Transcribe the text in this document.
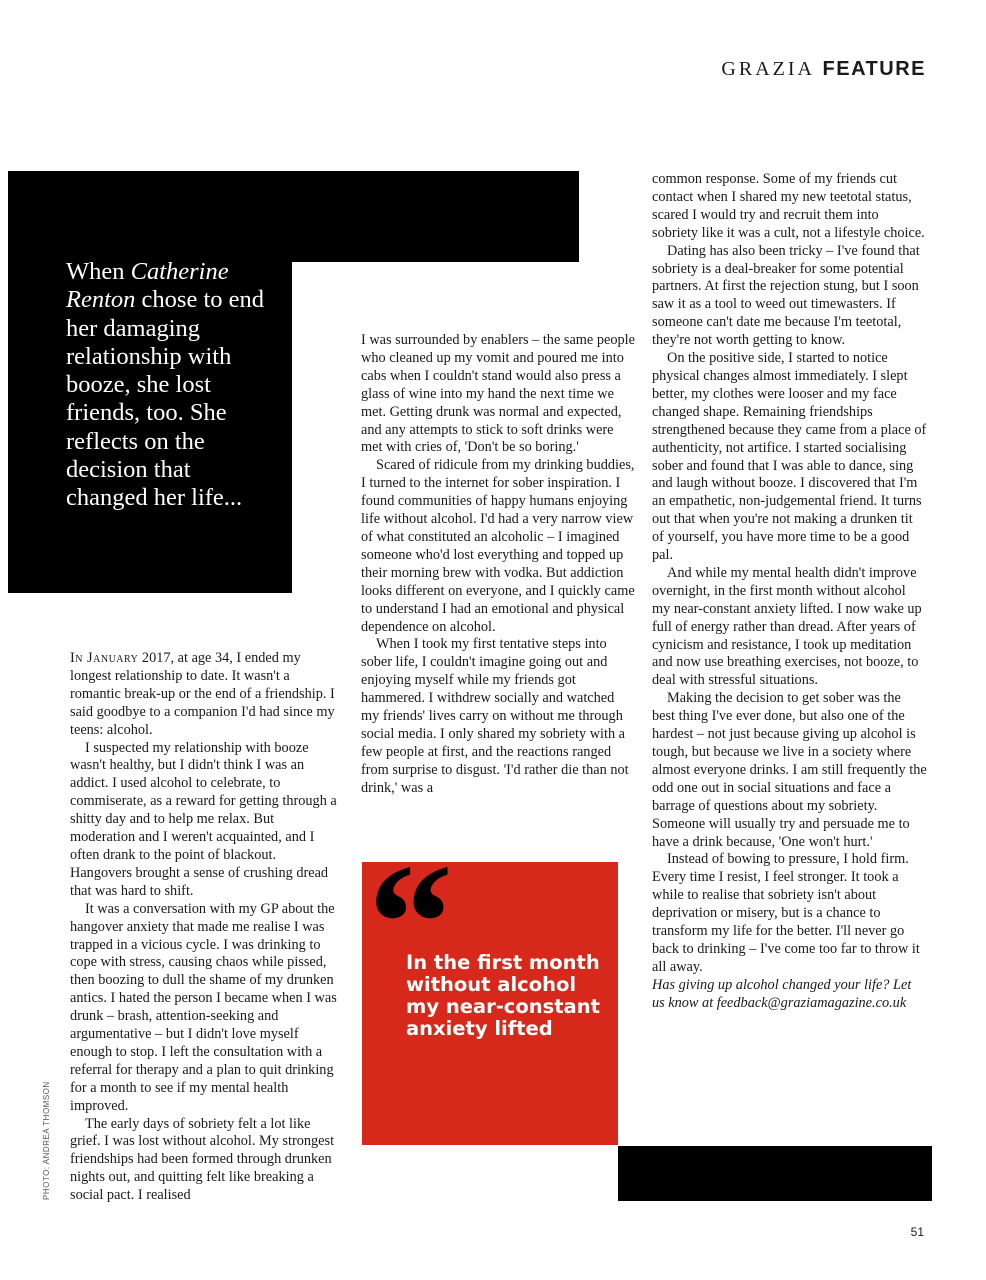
GRAZIA FEATURE

When Catherine Renton chose to end her damaging relationship with booze, she lost friends, too. She reflects on the decision that changed her life...

In January 2017, at age 34, I ended my longest relationship to date. It wasn't a romantic break-up or the end of a friendship. I said goodbye to a companion I'd had since my teens: alcohol.

I suspected my relationship with booze wasn't healthy, but I didn't think I was an addict. I used alcohol to celebrate, to commiserate, as a reward for getting through a shitty day and to help me relax. But moderation and I weren't acquainted, and I often drank to the point of blackout. Hangovers brought a sense of crushing dread that was hard to shift.

It was a conversation with my GP about the hangover anxiety that made me realise I was trapped in a vicious cycle. I was drinking to cope with stress, causing chaos while pissed, then boozing to dull the shame of my drunken antics. I hated the person I became when I was drunk – brash, attention-seeking and argumentative – but I didn't love myself enough to stop. I left the consultation with a referral for therapy and a plan to quit drinking for a month to see if my mental health improved.

The early days of sobriety felt a lot like grief. I was lost without alcohol. My strongest friendships had been formed through drunken nights out, and quitting felt like breaking a social pact. I realised

I was surrounded by enablers – the same people who cleaned up my vomit and poured me into cabs when I couldn't stand would also press a glass of wine into my hand the next time we met. Getting drunk was normal and expected, and any attempts to stick to soft drinks were met with cries of, 'Don't be so boring.'

Scared of ridicule from my drinking buddies, I turned to the internet for sober inspiration. I found communities of happy humans enjoying life without alcohol. I'd had a very narrow view of what constituted an alcoholic – I imagined someone who'd lost everything and topped up their morning brew with vodka. But addiction looks different on everyone, and I quickly came to understand I had an emotional and physical dependence on alcohol.

When I took my first tentative steps into sober life, I couldn't imagine going out and enjoying myself while my friends got hammered. I withdrew socially and watched my friends' lives carry on without me through social media. I only shared my sobriety with a few people at first, and the reactions ranged from surprise to disgust. 'I'd rather die than not drink,' was a

common response. Some of my friends cut contact when I shared my new teetotal status, scared I would try and recruit them into sobriety like it was a cult, not a lifestyle choice.

Dating has also been tricky – I've found that sobriety is a deal-breaker for some potential partners. At first the rejection stung, but I soon saw it as a tool to weed out timewasters. If someone can't date me because I'm teetotal, they're not worth getting to know.

On the positive side, I started to notice physical changes almost immediately. I slept better, my clothes were looser and my face changed shape. Remaining friendships strengthened because they came from a place of authenticity, not artifice. I started socialising sober and found that I was able to dance, sing and laugh without booze. I discovered that I'm an empathetic, non-judgemental friend. It turns out that when you're not making a drunken tit of yourself, you have more time to be a good pal.

And while my mental health didn't improve overnight, in the first month without alcohol my near-constant anxiety lifted. I now wake up full of energy rather than dread. After years of cynicism and resistance, I took up meditation and now use breathing exercises, not booze, to deal with stressful situations.

Making the decision to get sober was the best thing I've ever done, but also one of the hardest – not just because giving up alcohol is tough, but because we live in a society where almost everyone drinks. I am still frequently the odd one out in social situations and face a barrage of questions about my sobriety. Someone will usually try and persuade me to have a drink because, 'One won't hurt.'

Instead of bowing to pressure, I hold firm. Every time I resist, I feel stronger. It took a while to realise that sobriety isn't about deprivation or misery, but is a chance to transform my life for the better. I'll never go back to drinking – I've come too far to throw it all away.

Has giving up alcohol changed your life? Let us know at feedback@graziamagazine.co.uk

“

In the first month without alcohol my near-constant anxiety lifted

PHOTO: ANDREA THOMSON
51
